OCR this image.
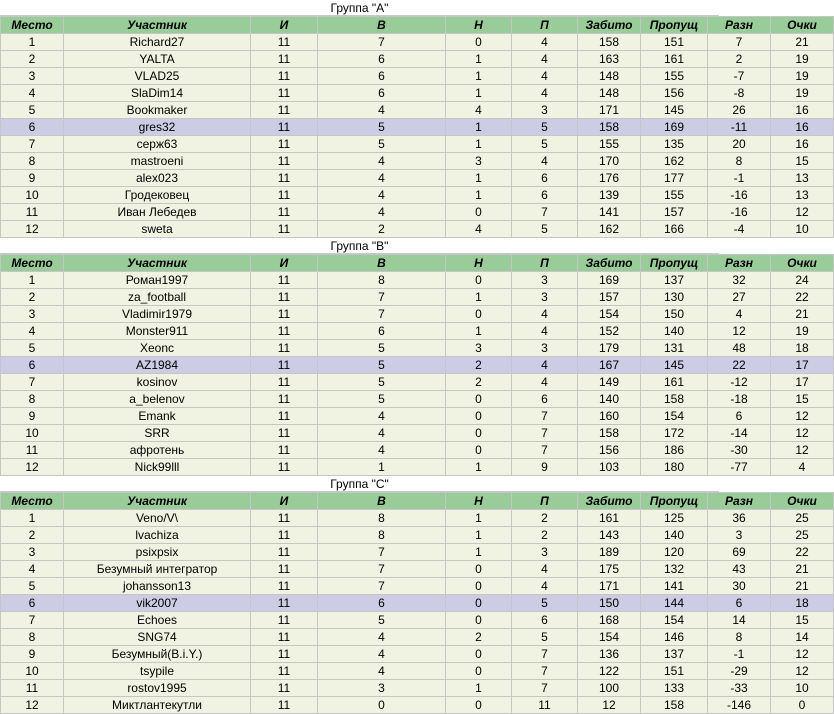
Группа "A"
Место	Участник	И	В	Н	П	Забито	Пропущ	Разн	Очки
1	Richard27	11	7	0	4	158	151	7	21
2	YALTA	11	6	1	4	163	161	2	19
3	VLAD25	11	6	1	4	148	155	-7	19
4	SlaDim14	11	6	1	4	148	156	-8	19
5	Bookmaker	11	4	4	3	171	145	26	16
6	gres32	11	5	1	5	158	169	-11	16
7	серж63	11	5	1	5	155	135	20	16
8	mastroeni	11	4	3	4	170	162	8	15
9	alex023	11	4	1	6	176	177	-1	13
10	Гродековец	11	4	1	6	139	155	-16	13
11	Иван Лебедев	11	4	0	7	141	157	-16	12
12	sweta	11	2	4	5	162	166	-4	10
Группа "B"
Место	Участник	И	В	Н	П	Забито	Пропущ	Разн	Очки
1	Роман1997	11	8	0	3	169	137	32	24
2	za_football	11	7	1	3	157	130	27	22
3	Vladimir1979	11	7	0	4	154	150	4	21
4	Monster911	11	6	1	4	152	140	12	19
5	Xeonc	11	5	3	3	179	131	48	18
6	AZ1984	11	5	2	4	167	145	22	17
7	kosinov	11	5	2	4	149	161	-12	17
8	a_belenov	11	5	0	6	140	158	-18	15
9	Emank	11	4	0	7	160	154	6	12
10	SRR	11	4	0	7	158	172	-14	12
11	афротень	11	4	0	7	156	186	-30	12
12	Nick99lll	11	1	1	9	103	180	-77	4
Группа "C"
Место	Участник	И	В	Н	П	Забито	Пропущ	Разн	Очки
1	Veno/V\	11	8	1	2	161	125	36	25
2	lvachiza	11	8	1	2	143	140	3	25
3	psixpsix	11	7	1	3	189	120	69	22
4	Безумный интегратор	11	7	0	4	175	132	43	21
5	johansson13	11	7	0	4	171	141	30	21
6	vik2007	11	6	0	5	150	144	6	18
7	Echoes	11	5	0	6	168	154	14	15
8	SNG74	11	4	2	5	154	146	8	14
9	Безумный(B.i.Y.)	11	4	0	7	136	137	-1	12
10	tsypile	11	4	0	7	122	151	-29	12
11	rostov1995	11	3	1	7	100	133	-33	10
12	Миктлантекутли	11	0	0	11	12	158	-146	0
